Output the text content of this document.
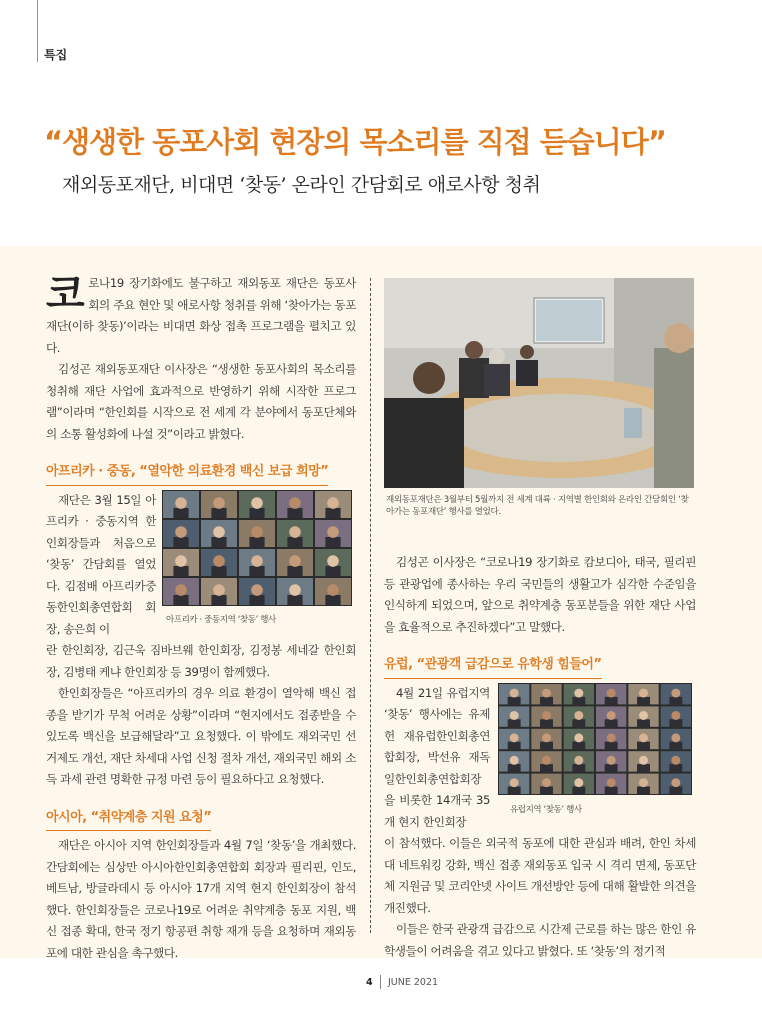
특집
“생생한 동포사회 현장의 목소리를 직접 듣습니다”
재외동포재단, 비대면 ‘찾동’ 온라인 간담회로 애로사항 청취

코로나19 장기화에도 불구하고 재외동포 재단은 동포사회의 주요 현안 및 애로사항 청취를 위해 ‘찾아가는 동포재단(이하 찾동)’이라는 비대면 화상 접촉 프로그램을 펼치고 있다.

김성곤 재외동포재단 이사장은 “생생한 동포사회의 목소리를 청취해 재단 사업에 효과적으로 반영하기 위해 시작한 프로그램”이라며 “한인회를 시작으로 전 세계 각 분야에서 동포단체와의 소통 활성화에 나설 것”이라고 밝혔다.

아프리카 · 중동, “열악한 의료환경 백신 보급 희망”
아프리카 · 중동지역 ‘찾동’ 행사

재단은 3월 15일 아프리카 · 중동지역 한인회장들과 처음으로 ‘찾동’ 간담회를 열었다. 김점배 아프리카중동한인회총연합회 회장, 송은희 이

란 한인회장, 김근욱 짐바브웨 한인회장, 김정봉 세네갈 한인회장, 김병태 케냐 한인회장 등 39명이 함께했다.

한인회장들은 “아프리카의 경우 의료 환경이 열악해 백신 접종을 받기가 무척 어려운 상황”이라며 “현지에서도 접종받을 수 있도록 백신을 보급해달라”고 요청했다. 이 밖에도 재외국민 선거제도 개선, 재단 차세대 사업 신청 절차 개선, 재외국민 해외 소득 과세 관련 명확한 규정 마련 등이 필요하다고 요청했다.

아시아, “취약계층 지원 요청”

재단은 아시아 지역 한인회장들과 4월 7일 ‘찾동’을 개최했다. 간담회에는 심상만 아시아한인회총연합회 회장과 필리핀, 인도, 베트남, 방글라데시 등 아시아 17개 지역 현지 한인회장이 참석했다. 한인회장들은 코로나19로 어려운 취약계층 동포 지원, 백신 접종 확대, 한국 정기 항공편 취항 재개 등을 요청하며 재외동포에 대한 관심을 촉구했다.

재외동포재단은 3월부터 5월까지 전 세계 대륙 · 지역별 한인회와 온라인 간담회인 ‘찾아가는 동포재단’ 행사를 열었다.

김성곤 이사장은 “코로나19 장기화로 캄보디아, 태국, 필리핀 등 관광업에 종사하는 우리 국민들의 생활고가 심각한 수준임을 인식하게 되었으며, 앞으로 취약계층 동포분들을 위한 재단 사업을 효율적으로 추진하겠다”고 말했다.

유럽, “관광객 급감으로 유학생 힘들어”
유럽지역 ‘찾동’ 행사

4월 21일 유럽지역 ‘찾동’ 행사에는 유제헌 재유럽한인회총연합회장, 박선유 재독일한인회총연합회장을 비롯한 14개국 35개 현지 한인회장

이 참석했다. 이들은 외국적 동포에 대한 관심과 배려, 한인 차세대 네트워킹 강화, 백신 접종 재외동포 입국 시 격리 면제, 동포단체 지원금 및 코리안넷 사이트 개선방안 등에 대해 활발한 의견을 개진했다.

이들은 한국 관광객 급감으로 시간제 근로를 하는 많은 한인 유학생들이 어려움을 겪고 있다고 밝혔다. 또 ‘찾동’의 정기적

4 JUNE 2021
